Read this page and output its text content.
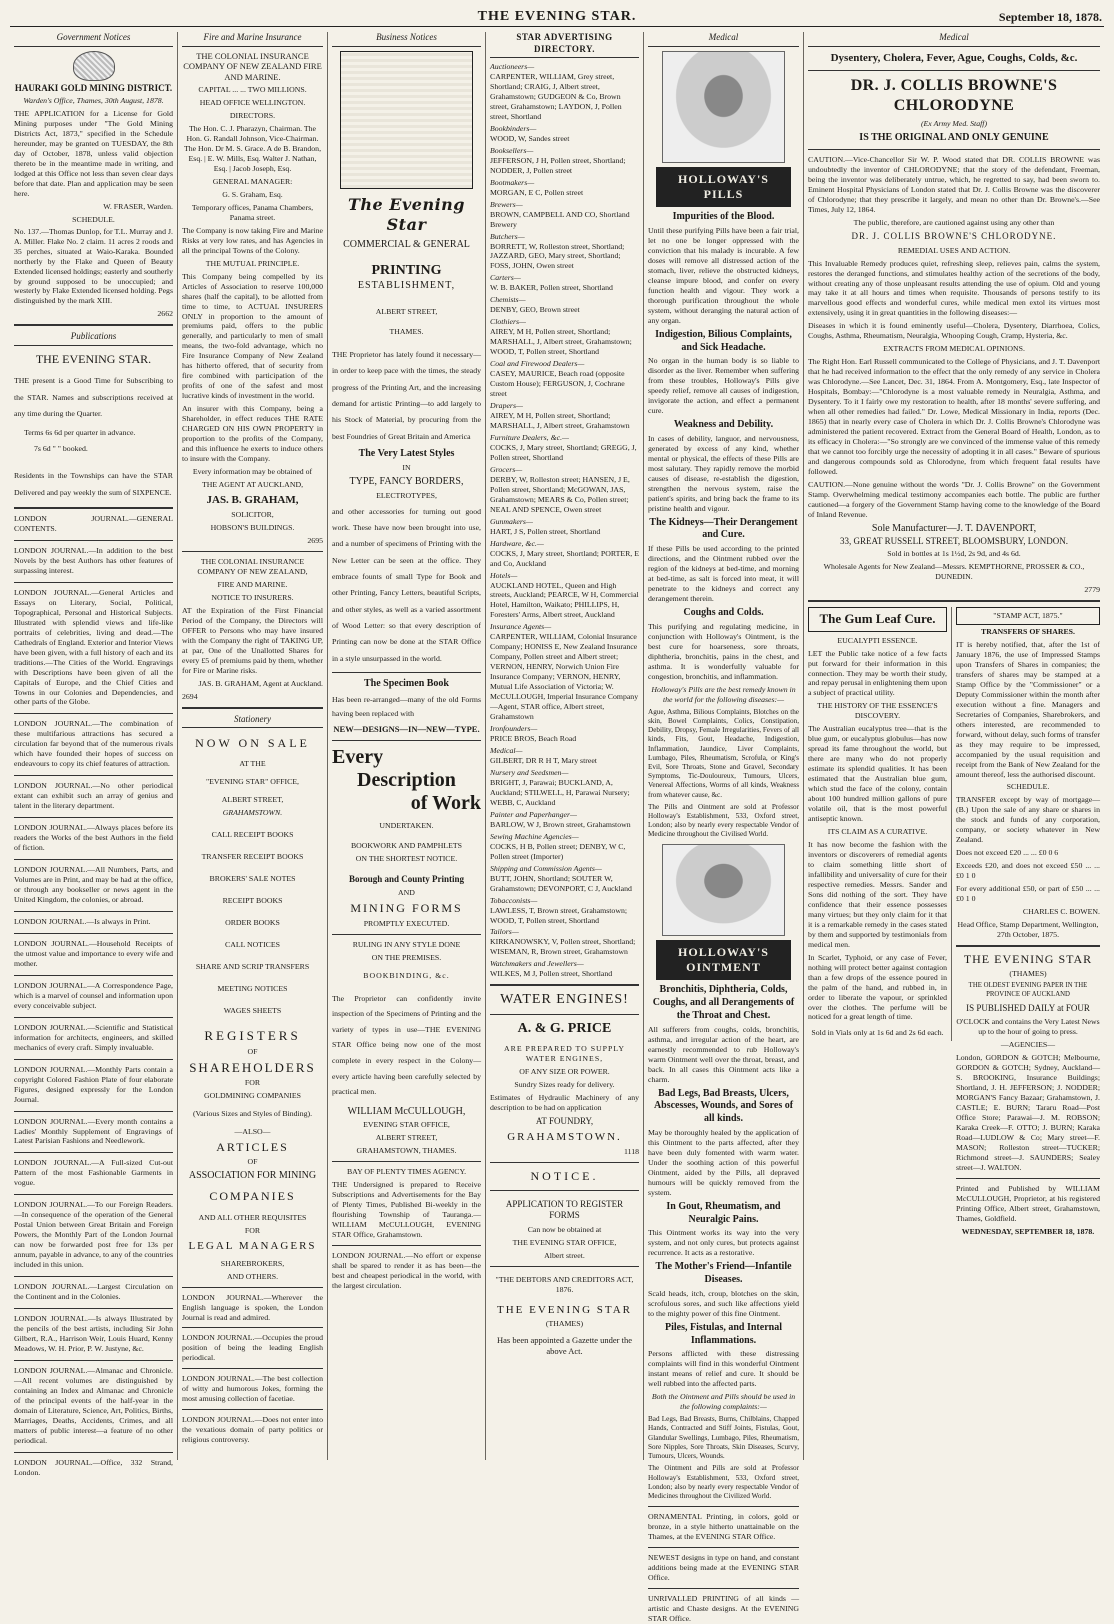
THE EVENING STAR.	September 18, 1878.
Government Notices
HAURAKI GOLD MINING DISTRICT.

Warden's Office, Thames, 30th August, 1878.

THE APPLICATION for a License for Gold Mining purposes under "The Gold Mining Districts Act, 1873," specified in the Schedule hereunder, may be granted on TUESDAY, the 8th day of October, 1878, unless valid objection thereto be in the meantime made in writing, and lodged at this Office not less than seven clear days before that date. Plan and application may be seen here.

W. FRASER, Warden.

SCHEDULE.

No. 137.—Thomas Dunlop, for T.L. Murray and J. A. Miller. Flake No. 2 claim. 11 acres 2 roods and 35 perches, situated at Waio-Karaka. Bounded northerly by the Flake and Queen of Beauty Extended licensed holdings; easterly and southerly by ground supposed to be unoccupied; and westerly by Flake Extended licensed holding. Pegs distinguished by the mark XIII.

2662

Publications
THE EVENING STAR.

THE present is a Good Time for Subscribing to the STAR. Names and subscriptions received at any time during the Quarter.

Terms 6s 6d per quarter in advance.

7s 6d " " booked.

Residents in the Townships can have the STAR Delivered and pay weekly the sum of SIXPENCE.

LONDON JOURNAL.—GENERAL CONTENTS.

LONDON JOURNAL.—In addition to the best Novels by the best Authors has other features of surpassing interest.

LONDON JOURNAL.—General Articles and Essays on Literary, Social, Political, Topographical, Personal and Historical Subjects. Illustrated with splendid views and life-like portraits of celebrities, living and dead.—The Cathedrals of England. Exterior and Interior Views have been given, with a full history of each and its traditions.—The Cities of the World. Engravings with Descriptions have been given of all the Capitals of Europe, and the Chief Cities and Towns in our Colonies and Dependencies, and other parts of the Globe.

LONDON JOURNAL.—The combination of these multifarious attractions has secured a circulation far beyond that of the numerous rivals which have founded their hopes of success on endeavours to copy its chief features of attraction.

LONDON JOURNAL.—No other periodical extant can exhibit such an array of genius and talent in the literary department.

LONDON JOURNAL.—Always places before its readers the Works of the best Authors in the field of fiction.

LONDON JOURNAL.—All Numbers, Parts, and Volumes are in Print, and may be had at the office, or through any bookseller or news agent in the United Kingdom, the colonies, or abroad.

LONDON JOURNAL.—Is always in Print.

LONDON JOURNAL.—Household Receipts of the utmost value and importance to every wife and mother.

LONDON JOURNAL.—A Correspondence Page, which is a marvel of counsel and information upon every conceivable subject.

LONDON JOURNAL.—Scientific and Statistical information for architects, engineers, and skilled mechanics of every craft. Simply invaluable.

LONDON JOURNAL.—Monthly Parts contain a copyright Colored Fashion Plate of four elaborate Figures, designed expressly for the London Journal.

LONDON JOURNAL.—Every month contains a Ladies' Monthly Supplement of Engravings of Latest Parisian Fashions and Needlework.

LONDON JOURNAL.—A Full-sized Cut-out Pattern of the most Fashionable Garments in vogue.

LONDON JOURNAL.—To our Foreign Readers.—In consequence of the operation of the General Postal Union between Great Britain and Foreign Powers, the Monthly Part of the London Journal can now be forwarded post free for 13s per annum, payable in advance, to any of the countries included in this union.

LONDON JOURNAL.—Largest Circulation on the Continent and in the Colonies.

LONDON JOURNAL.—Is always Illustrated by the pencils of the best artists, including Sir John Gilbert, R.A., Harrison Weir, Louis Huard, Kenny Meadows, W. H. Prior, P. W. Justyne, &c.

LONDON JOURNAL.—Almanac and Chronicle.—All recent volumes are distinguished by containing an Index and Almanac and Chronicle of the principal events of the half-year in the domain of Literature, Science, Art, Politics, Births, Marriages, Deaths, Accidents, Crimes, and all matters of public interest—a feature of no other periodical.

LONDON JOURNAL.—Office, 332 Strand, London.

Fire and Marine Insurance
THE COLONIAL INSURANCE COMPANY OF NEW ZEALAND FIRE AND MARINE.

CAPITAL ... ... TWO MILLIONS.

HEAD OFFICE WELLINGTON.

DIRECTORS.

The Hon. C. J. Pharazyn, Chairman. The Hon. G. Randall Johnson, Vice-Chairman. The Hon. Dr M. S. Grace. A de B. Brandon, Esq. | E. W. Mills, Esq. Walter J. Nathan, Esq. | Jacob Joseph, Esq.

GENERAL MANAGER:

G. S. Graham, Esq.

Temporary offices, Panama Chambers, Panama street.

The Company is now taking Fire and Marine Risks at very low rates, and has Agencies in all the principal Towns of the Colony.

THE MUTUAL PRINCIPLE.

This Company being compelled by its Articles of Association to reserve 100,000 shares (half the capital), to be allotted from time to time, to ACTUAL INSURERS ONLY in proportion to the amount of premiums paid, offers to the public generally, and particularly to men of small means, the two-fold advantage, which no Fire Insurance Company of New Zealand has hitherto offered, that of security from fire combined with participation of the profits of one of the safest and most lucrative kinds of investment in the world.

An insurer with this Company, being a Shareholder, in effect reduces THE RATE CHARGED ON HIS OWN PROPERTY in proportion to the profits of the Company, and this influence he exerts to induce others to insure with the Company.

Every information may be obtained of

THE AGENT AT AUCKLAND,

JAS. B. GRAHAM,

SOLICITOR,

HOBSON'S BUILDINGS.

2695

THE COLONIAL INSURANCE COMPANY OF NEW ZEALAND,

FIRE AND MARINE.

NOTICE TO INSURERS.

AT the Expiration of the First Financial Period of the Company, the Directors will OFFER to Persons who may have insured with the Company the right of TAKING UP, at par, One of the Unallotted Shares for every £5 of premiums paid by them, whether for Fire or Marine risks.

JAS. B. GRAHAM, Agent at Auckland.

2694

Stationery
NOW ON SALE

AT THE

"EVENING STAR" OFFICE,

ALBERT STREET,

GRAHAMSTOWN.

CALL RECEIPT BOOKS

TRANSFER RECEIPT BOOKS

BROKERS' SALE NOTES

RECEIPT BOOKS

ORDER BOOKS

CALL NOTICES

SHARE AND SCRIP TRANSFERS

MEETING NOTICES

WAGES SHEETS

REGISTERS

OF

SHAREHOLDERS

FOR

GOLDMINING COMPANIES

(Various Sizes and Styles of Binding).

—ALSO—

ARTICLES

OF

ASSOCIATION FOR MINING
COMPANIES

AND ALL OTHER REQUISITES

FOR

LEGAL MANAGERS

SHAREBROKERS,

AND OTHERS.

LONDON JOURNAL.—Wherever the English language is spoken, the London Journal is read and admired.

LONDON JOURNAL.—Occupies the proud position of being the leading English periodical.

LONDON JOURNAL.—The best collection of witty and humorous Jokes, forming the most amusing collection of facetiae.

LONDON JOURNAL.—Does not enter into the vexatious domain of party politics or religious controversy.

Business Notices
The Evening Star
COMMERCIAL & GENERAL
PRINTING
ESTABLISHMENT,

ALBERT STREET,

THAMES.

THE Proprietor has lately found it necessary—in order to keep pace with the times, the steady progress of the Printing Art, and the increasing demand for artistic Printing—to add largely to his Stock of Material, by procuring from the best Foundries of Great Britain and America

The Very Latest Styles

IN

TYPE, FANCY BORDERS,

ELECTROTYPES,

and other accessories for turning out good work. These have now been brought into use, and a number of specimens of Printing with the New Letter can be seen at the office. They embrace founts of small Type for Book and other Printing, Fancy Letters, beautiful Scripts, and other styles, as well as a varied assortment of Wood Letter: so that every description of Printing can now be done at the STAR Office in a style unsurpassed in the world.

The Specimen Book

Has been re-arranged—many of the old Forms having been replaced with

NEW—DESIGNS—IN—NEW—TYPE.

Every
Description
of Work

UNDERTAKEN.

BOOKWORK AND PAMPHLETS

ON THE SHORTEST NOTICE.

Borough and County Printing

AND

MINING FORMS

PROMPTLY EXECUTED.

RULING IN ANY STYLE DONE

ON THE PREMISES.

BOOKBINDING, &c.

The Proprietor can confidently invite inspection of the Specimens of Printing and the variety of types in use—THE EVENING STAR Office being now one of the most complete in every respect in the Colony—every article having been carefully selected by practical men.

WILLIAM McCULLOUGH,

EVENING STAR OFFICE,

ALBERT STREET,

GRAHAMSTOWN, THAMES.

BAY OF PLENTY TIMES AGENCY.

THE Undersigned is prepared to Receive Subscriptions and Advertisements for the Bay of Plenty Times, Published Bi-weekly in the flourishing Township of Tauranga.—WILLIAM McCULLOUGH, EVENING STAR Office, Grahamstown.

LONDON JOURNAL.—No effort or expense shall be spared to render it as has been—the best and cheapest periodical in the world, with the largest circulation.

STAR ADVERTISING DIRECTORY.
Auctioneers—
CARPENTER, WILLIAM, Grey street, Shortland; CRAIG, J, Albert street, Grahamstown; GUDGEON & Co, Brown street, Grahamstown; LAYDON, J, Pollen street, Shortland
Bookbinders—
WOOD, W, Sandes street
Booksellers—
JEFFERSON, J H, Pollen street, Shortland; NODDER, J, Pollen street
Bootmakers—
MORGAN, E C, Pollen street
Brewers—
BROWN, CAMPBELL AND CO, Shortland Brewery
Butchers—
BORRETT, W, Rolleston street, Shortland; JAZZARD, GEO, Mary street, Shortland; FOSS, JOHN, Owen street
Carters—
W. B. BAKER, Pollen street, Shortland
Chemists—
DENBY, GEO, Brown street
Clothiers—
AIREY, M H, Pollen street, Shortland; MARSHALL, J, Albert street, Grahamstown; WOOD, T, Pollen street, Shortland
Coal and Firewood Dealers—
CASEY, MAURICE, Beach road (opposite Custom House); FERGUSON, J, Cochrane street
Drapers—
AIREY, M H, Pollen street, Shortland; MARSHALL, J, Albert street, Grahamstown
Furniture Dealers, &c.—
COCKS, J, Mary street, Shortland; GREGG, J, Pollen street, Shortland
Grocers—
DERBY, W, Rolleston street; HANSEN, J E, Pollen street, Shortland; McGOWAN, JAS, Grahamstown; MEARS & Co, Pollen street; NEAL AND SPENCE, Owen street
Gunmakers—
HART, J S, Pollen street, Shortland
Hardware, &c.—
COCKS, J, Mary street, Shortland; PORTER, E and Co, Auckland
Hotels—
AUCKLAND HOTEL, Queen and High streets, Auckland; PEARCE, W H, Commercial Hotel, Hamilton, Waikato; PHILLIPS, H, Foresters' Arms, Albert street, Auckland
Insurance Agents—
CARPENTER, WILLIAM, Colonial Insurance Company; HONISS E, New Zealand Insurance Company, Pollen street and Albert street; VERNON, HENRY, Norwich Union Fire Insurance Company; VERNON, HENRY, Mutual Life Association of Victoria; W. McCULLOUGH, Imperial Insurance Company—Agent, STAR office, Albert street, Grahamstown
Ironfounders—
PRICE BROS, Beach Road
Medical—
GILBERT, DR R H T, Mary street
Nursery and Seedsmen—
BRIGHT, J, Parawai; BUCKLAND, A, Auckland; STILWELL, H, Parawai Nursery; WEBB, C, Auckland
Painter and Paperhanger—
BARLOW, W J, Brown street, Grahamstown
Sewing Machine Agencies—
COCKS, H B, Pollen street; DENBY, W C, Pollen street (Importer)
Shipping and Commission Agents—
BUTT, JOHN, Shortland; SOUTER W, Grahamstown; DEVONPORT, C J, Auckland
Tobacconists—
LAWLESS, T, Brown street, Grahamstown; WOOD, T, Pollen street, Shortland
Tailors—
KIRKANOWSKY, V, Pollen street, Shortland; WISEMAN, R, Brown street, Grahamstown
Watchmakers and Jewellers—
WILKES, M J, Pollen street, Shortland
WATER ENGINES!
A. & G. PRICE

ARE PREPARED TO SUPPLY WATER ENGINES,

OF ANY SIZE OR POWER.

Sundry Sizes ready for delivery.

Estimates of Hydraulic Machinery of any description to be had on application

AT FOUNDRY,

GRAHAMSTOWN.

1118

NOTICE.

APPLICATION TO REGISTER FORMS

Can now be obtained at

THE EVENING STAR OFFICE,

Albert street.

"THE DEBTORS AND CREDITORS ACT, 1876.

THE EVENING STAR

(THAMES)

Has been appointed a Gazette under the above Act.

Medical
HOLLOWAY'S PILLS
Impurities of the Blood.

Until these purifying Pills have been a fair trial, let no one be longer oppressed with the conviction that his malady is incurable. A few doses will remove all distressed action of the stomach, liver, relieve the obstructed kidneys, cleanse impure blood, and confer on every function health and vigour. They work a thorough purification throughout the whole system, without deranging the natural action of any organ.

Indigestion, Bilious Complaints, and Sick Headache.

No organ in the human body is so liable to disorder as the liver. Remember when suffering from these troubles, Holloway's Pills give speedy relief, remove all causes of indigestion, invigorate the action, and effect a permanent cure.

Weakness and Debility.

In cases of debility, languor, and nervousness, generated by excess of any kind, whether mental or physical, the effects of these Pills are most salutary. They rapidly remove the morbid causes of disease, re-establish the digestion, strengthen the nervous system, raise the patient's spirits, and bring back the frame to its pristine health and vigour.

The Kidneys—Their Derangement and Cure.

If these Pills be used according to the printed directions, and the Ointment rubbed over the region of the kidneys at bed-time, and morning at bed-time, as salt is forced into meat, it will penetrate to the kidneys and correct any derangement therein.

Coughs and Colds.

This purifying and regulating medicine, in conjunction with Holloway's Ointment, is the best cure for hoarseness, sore throats, diphtheria, bronchitis, pains in the chest, and asthma. It is wonderfully valuable for congestion, bronchitis, and inflammation.

Holloway's Pills are the best remedy known in the world for the following diseases:—

Ague, Asthma, Bilious Complaints, Blotches on the skin, Bowel Complaints, Colics, Constipation, Debility, Dropsy, Female Irregularities, Fevers of all kinds, Fits, Gout, Headache, Indigestion, Inflammation, Jaundice, Liver Complaints, Lumbago, Piles, Rheumatism, Scrofula, or King's Evil, Sore Throats, Stone and Gravel, Secondary Symptoms, Tic-Douloureux, Tumours, Ulcers, Venereal Affections, Worms of all kinds, Weakness from whatever cause, &c.

The Pills and Ointment are sold at Professor Holloway's Establishment, 533, Oxford street, London; also by nearly every respectable Vendor of Medicine throughout the Civilised World.

HOLLOWAY'S OINTMENT
Bronchitis, Diphtheria, Colds, Coughs, and all Derangements of the Throat and Chest.

All sufferers from coughs, colds, bronchitis, asthma, and irregular action of the heart, are earnestly recommended to rub Holloway's warm Ointment well over the throat, breast, and back. In all cases this Ointment acts like a charm.

Bad Legs, Bad Breasts, Ulcers, Abscesses, Wounds, and Sores of all kinds.

May be thoroughly healed by the application of this Ointment to the parts affected, after they have been duly fomented with warm water. Under the soothing action of this powerful Ointment, aided by the Pills, all depraved humours will be quickly removed from the system.

In Gout, Rheumatism, and Neuralgic Pains.

This Ointment works its way into the very system, and not only cures, but protects against recurrence. It acts as a restorative.

The Mother's Friend—Infantile Diseases.

Scald heads, itch, croup, blotches on the skin, scrofulous sores, and such like affections yield to the mighty power of this fine Ointment.

Piles, Fistulas, and Internal Inflammations.

Persons afflicted with these distressing complaints will find in this wonderful Ointment instant means of relief and cure. It should be well rubbed into the affected parts.

Both the Ointment and Pills should be used in the following complaints:—

Bad Legs, Bad Breasts, Burns, Chilblains, Chapped Hands, Contracted and Stiff Joints, Fistulas, Gout, Glandular Swellings, Lumbago, Piles, Rheumatism, Sore Nipples, Sore Throats, Skin Diseases, Scurvy, Tumours, Ulcers, Wounds.

The Ointment and Pills are sold at Professor Holloway's Establishment, 533, Oxford street, London; also by nearly every respectable Vendor of Medicines throughout the Civilized World.

ORNAMENTAL Printing, in colors, gold or bronze, in a style hitherto unattainable on the Thames, at the EVENING STAR Office.

NEWEST designs in type on hand, and constant additions being made at the EVENING STAR Office.

UNRIVALLED PRINTING of all kinds — artistic and Chaste designs. At the EVENING STAR Office.

Medical
Dysentery, Cholera, Fever, Ague, Coughs, Colds, &c.
DR. J. COLLIS BROWNE'S CHLORODYNE

(Ex Army Med. Staff)

IS THE ORIGINAL AND ONLY GENUINE

CAUTION.—Vice-Chancellor Sir W. P. Wood stated that DR. COLLIS BROWNE was undoubtedly the inventor of CHLORODYNE; that the story of the defendant, Freeman, being the inventor was deliberately untrue, which, he regretted to say, had been sworn to. Eminent Hospital Physicians of London stated that Dr. J. Collis Browne was the discoverer of Chlorodyne; that they prescribe it largely, and mean no other than Dr. Browne's.—See Times, July 12, 1864.

The public, therefore, are cautioned against using any other than

DR. J. COLLIS BROWNE'S CHLORODYNE.

REMEDIAL USES AND ACTION.

This Invaluable Remedy produces quiet, refreshing sleep, relieves pain, calms the system, restores the deranged functions, and stimulates healthy action of the secretions of the body, without creating any of those unpleasant results attending the use of opium. Old and young may take it at all hours and times when requisite. Thousands of persons testify to its marvellous good effects and wonderful cures, while medical men extol its virtues most extensively, using it in great quantities in the following diseases:—

Diseases in which it is found eminently useful—Cholera, Dysentery, Diarrhoea, Colics, Coughs, Asthma, Rheumatism, Neuralgia, Whooping Cough, Cramp, Hysteria, &c.

EXTRACTS FROM MEDICAL OPINIONS.

The Right Hon. Earl Russell communicated to the College of Physicians, and J. T. Davenport that he had received information to the effect that the only remedy of any service in Cholera was Chlorodyne.—See Lancet, Dec. 31, 1864. From A. Montgomery, Esq., late Inspector of Hospitals, Bombay:—"Chlorodyne is a most valuable remedy in Neuralgia, Asthma, and Dysentery. To it I fairly owe my restoration to health, after 18 months' severe suffering, and when all other remedies had failed." Dr. Lowe, Medical Missionary in India, reports (Dec. 1865) that in nearly every case of Cholera in which Dr. J. Collis Browne's Chlorodyne was administered the patient recovered. Extract from the General Board of Health, London, as to its efficacy in Cholera:—"So strongly are we convinced of the immense value of this remedy that we cannot too forcibly urge the necessity of adopting it in all cases." Beware of spurious and dangerous compounds sold as Chlorodyne, from which frequent fatal results have followed.

CAUTION.—None genuine without the words "Dr. J. Collis Browne" on the Government Stamp. Overwhelming medical testimony accompanies each bottle. The public are further cautioned—a forgery of the Government Stamp having come to the knowledge of the Board of Inland Revenue.

Sole Manufacturer—J. T. DAVENPORT,
33, GREAT RUSSELL STREET, BLOOMSBURY, LONDON.

Sold in bottles at 1s 1½d, 2s 9d, and 4s 6d.

Wholesale Agents for New Zealand—Messrs. KEMPTHORNE, PROSSER & CO., DUNEDIN.

2779

The Gum Leaf Cure.

EUCALYPTI ESSENCE.

LET the Public take notice of a few facts put forward for their information in this connection. They may be worth their study, and repay perusal in enlightening them upon a subject of practical utility.

THE HISTORY OF THE ESSENCE'S DISCOVERY.

The Australian eucalyptus tree—that is the blue gum, or eucalyptus globulus—has now spread its fame throughout the world, but there are many who do not properly estimate its splendid qualities. It has been estimated that the Australian blue gum, which stud the face of the colony, contain about 100 hundred million gallons of pure volatile oil, that is the most powerful antiseptic known.

ITS CLAIM AS A CURATIVE.

It has now become the fashion with the inventors or discoverers of remedial agents to claim something little short of infallibility and universality of cure for their respective remedies. Messrs. Sander and Sons did nothing of the sort. They have confidence that their essence possesses many virtues; but they only claim for it that it is a remarkable remedy in the cases stated by them and supported by testimonials from medical men.

In Scarlet, Typhoid, or any case of Fever, nothing will protect better against contagion than a few drops of the essence poured in the palm of the hand, and rubbed in, in order to liberate the vapour, or sprinkled over the clothes. The perfume will be noticed for a great length of time.

Sold in Vials only at 1s 6d and 2s 6d each.

"STAMP ACT, 1875."

TRANSFERS OF SHARES.

IT is hereby notified, that, after the 1st of January 1876, the use of Impressed Stamps upon Transfers of Shares in companies; the transfers of shares may be stamped at a Stamp Office by the "Commissioner" or a Deputy Commissioner within the month after execution without a fine. Managers and Secretaries of Companies, Sharebrokers, and others interested, are recommended to forward, without delay, such forms of transfer as they may require to be impressed, accompanied by the usual requisition and receipt from the Bank of New Zealand for the amount thereof, less the authorised discount.

SCHEDULE.

TRANSFER except by way of mortgage—(B.) Upon the sale of any share or shares in the stock and funds of any corporation, company, or society whatever in New Zealand.

Does not exceed £20 ... ... £0 0 6

Exceeds £20, and does not exceed £50 ... ... £0 1 0

For every additional £50, or part of £50 ... ... £0 1 0

CHARLES C. BOWEN.

Head Office, Stamp Department, Wellington, 27th October, 1875.

THE EVENING STAR

(THAMES)

THE OLDEST EVENING PAPER IN THE PROVINCE OF AUCKLAND

IS PUBLISHED DAILY at FOUR

O'CLOCK and contains the Very Latest News up to the hour of going to press.

—AGENCIES—

London, GORDON & GOTCH; Melbourne, GORDON & GOTCH; Sydney, Auckland—S. BROOKING, Insurance Buildings; Shortland, J. H. JEFFERSON; J. NODDER; MORGAN'S Fancy Bazaar; Grahamstown, J. CASTLE; E. BURN; Tararu Road—Post Office Store; Parawai—J. M. ROBSON; Karaka Creek—F. OTTO; J. BURN; Karaka Road—LUDLOW & Co; Mary street—F. MASON; Rolleston street—TUCKER; Richmond street—J. SAUNDERS; Sealey street—J. WALTON.

Printed and Published by WILLIAM McCULLOUGH, Proprietor, at his registered Printing Office, Albert street, Grahamstown, Thames, Goldfield.

WEDNESDAY, SEPTEMBER 18, 1878.
